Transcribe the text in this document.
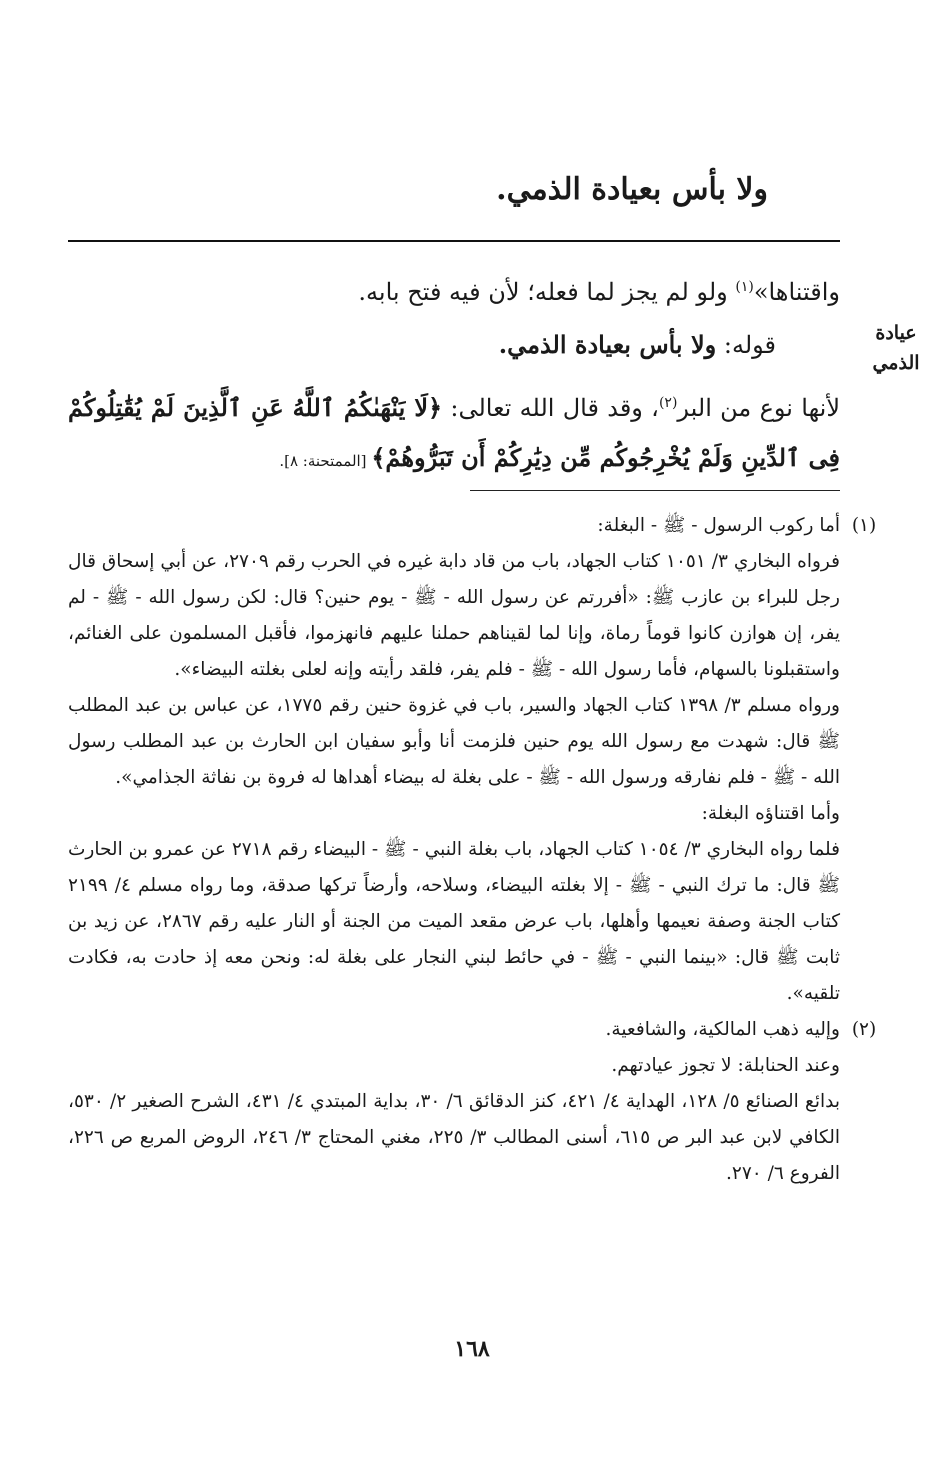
ولا بأس بعيادة الذمي.
عيادة
الذمي
واقتناها»$^{(١)}$ ولو لم يجز لما فعله؛ لأن فيه فتح بابه.
قوله: ولا بأس بعيادة الذمي.
لأنها نوع من البر$^{(٢)}$، وقد قال الله تعالى: ﴿لَا يَنْهَىٰكُمُ ٱللَّهُ عَنِ ٱلَّذِينَ لَمْ يُقَٰتِلُوكُمْ فِى ٱلدِّينِ وَلَمْ يُخْرِجُوكُم مِّن دِيَٰرِكُمْ أَن تَبَرُّوهُمْ﴾ [الممتحنة: ٨].
(١)

أما ركوب الرسول - ﷺ - البغلة:

فرواه البخاري ٣/ ١٠٥١ كتاب الجهاد، باب من قاد دابة غيره في الحرب رقم ٢٧٠٩، عن أبي إسحاق قال رجل للبراء بن عازب ﷺ: «أفررتم عن رسول الله - ﷺ - يوم حنين؟ قال: لكن رسول الله - ﷺ - لم يفر، إن هوازن كانوا قوماً رماة، وإنا لما لقيناهم حملنا عليهم فانهزموا، فأقبل المسلمون على الغنائم، واستقبلونا بالسهام، فأما رسول الله - ﷺ - فلم يفر، فلقد رأيته وإنه لعلى بغلته البيضاء».

ورواه مسلم ٣/ ١٣٩٨ كتاب الجهاد والسير، باب في غزوة حنين رقم ١٧٧٥، عن عباس بن عبد المطلب ﷺ قال: شهدت مع رسول الله يوم حنين فلزمت أنا وأبو سفيان ابن الحارث بن عبد المطلب رسول الله - ﷺ - فلم نفارقه ورسول الله - ﷺ - على بغلة له بيضاء أهداها له فروة بن نفاثة الجذامي».

وأما اقتناؤه البغلة:

فلما رواه البخاري ٣/ ١٠٥٤ كتاب الجهاد، باب بغلة النبي - ﷺ - البيضاء رقم ٢٧١٨ عن عمرو بن الحارث ﷺ قال: ما ترك النبي - ﷺ - إلا بغلته البيضاء، وسلاحه، وأرضاً تركها صدقة، وما رواه مسلم ٤/ ٢١٩٩ كتاب الجنة وصفة نعيمها وأهلها، باب عرض مقعد الميت من الجنة أو النار عليه رقم ٢٨٦٧، عن زيد بن ثابت ﷺ قال: «بينما النبي - ﷺ - في حائط لبني النجار على بغلة له: ونحن معه إذ حادت به، فكادت تلقيه».

(٢)

وإليه ذهب المالكية، والشافعية.

وعند الحنابلة: لا تجوز عيادتهم.

بدائع الصنائع ٥/ ١٢٨، الهداية ٤/ ٤٢١، كنز الدقائق ٦/ ٣٠، بداية المبتدي ٤/ ٤٣١، الشرح الصغير ٢/ ٥٣٠، الكافي لابن عبد البر ص ٦١٥، أسنى المطالب ٣/ ٢٢٥، مغني المحتاج ٣/ ٢٤٦، الروض المربع ص ٢٢٦، الفروع ٦/ ٢٧٠.

١٦٨
